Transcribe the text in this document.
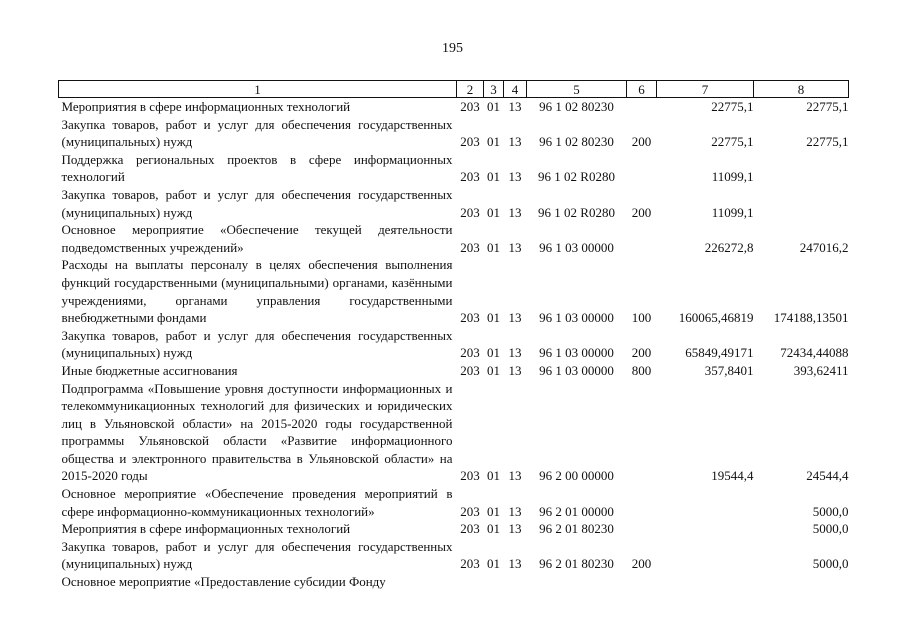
195
1	2	3	4	5	6	7	8
Мероприятия в сфере информационных технологий	203	01	13	96 1 02 80230		22775,1	22775,1
Закупка товаров, работ и услуг для обеспечения государственных (муниципальных) нужд	203	01	13	96 1 02 80230	200	22775,1	22775,1
Поддержка региональных проектов в сфере информационных технологий	203	01	13	96 1 02 R0280		11099,1	
Закупка товаров, работ и услуг для обеспечения государственных (муниципальных) нужд	203	01	13	96 1 02 R0280	200	11099,1	
Основное мероприятие «Обеспечение текущей деятельности подведомственных учреждений»	203	01	13	96 1 03 00000		226272,8	247016,2
Расходы на выплаты персоналу в целях обеспечения выполнения функций государственными (муниципальными) органами, казёнными учреждениями, органами управления государственными внебюджетными фондами	203	01	13	96 1 03 00000	100	160065,46819	174188,13501
Закупка товаров, работ и услуг для обеспечения государственных (муниципальных) нужд	203	01	13	96 1 03 00000	200	65849,49171	72434,44088
Иные бюджетные ассигнования	203	01	13	96 1 03 00000	800	357,8401	393,62411
Подпрограмма «Повышение уровня доступности информационных и телекоммуникационных технологий для физических и юридических лиц в Ульяновской области» на 2015-2020 годы государственной программы Ульяновской области «Развитие информационного общества и электронного правительства в Ульяновской области» на 2015-2020 годы	203	01	13	96 2 00 00000		19544,4	24544,4
Основное мероприятие «Обеспечение проведения мероприятий в сфере информационно-коммуникационных технологий»	203	01	13	96 2 01 00000			5000,0
Мероприятия в сфере информационных технологий	203	01	13	96 2 01 80230			5000,0
Закупка товаров, работ и услуг для обеспечения государственных (муниципальных) нужд	203	01	13	96 2 01 80230	200		5000,0
Основное мероприятие «Предоставление субсидии Фонду							
